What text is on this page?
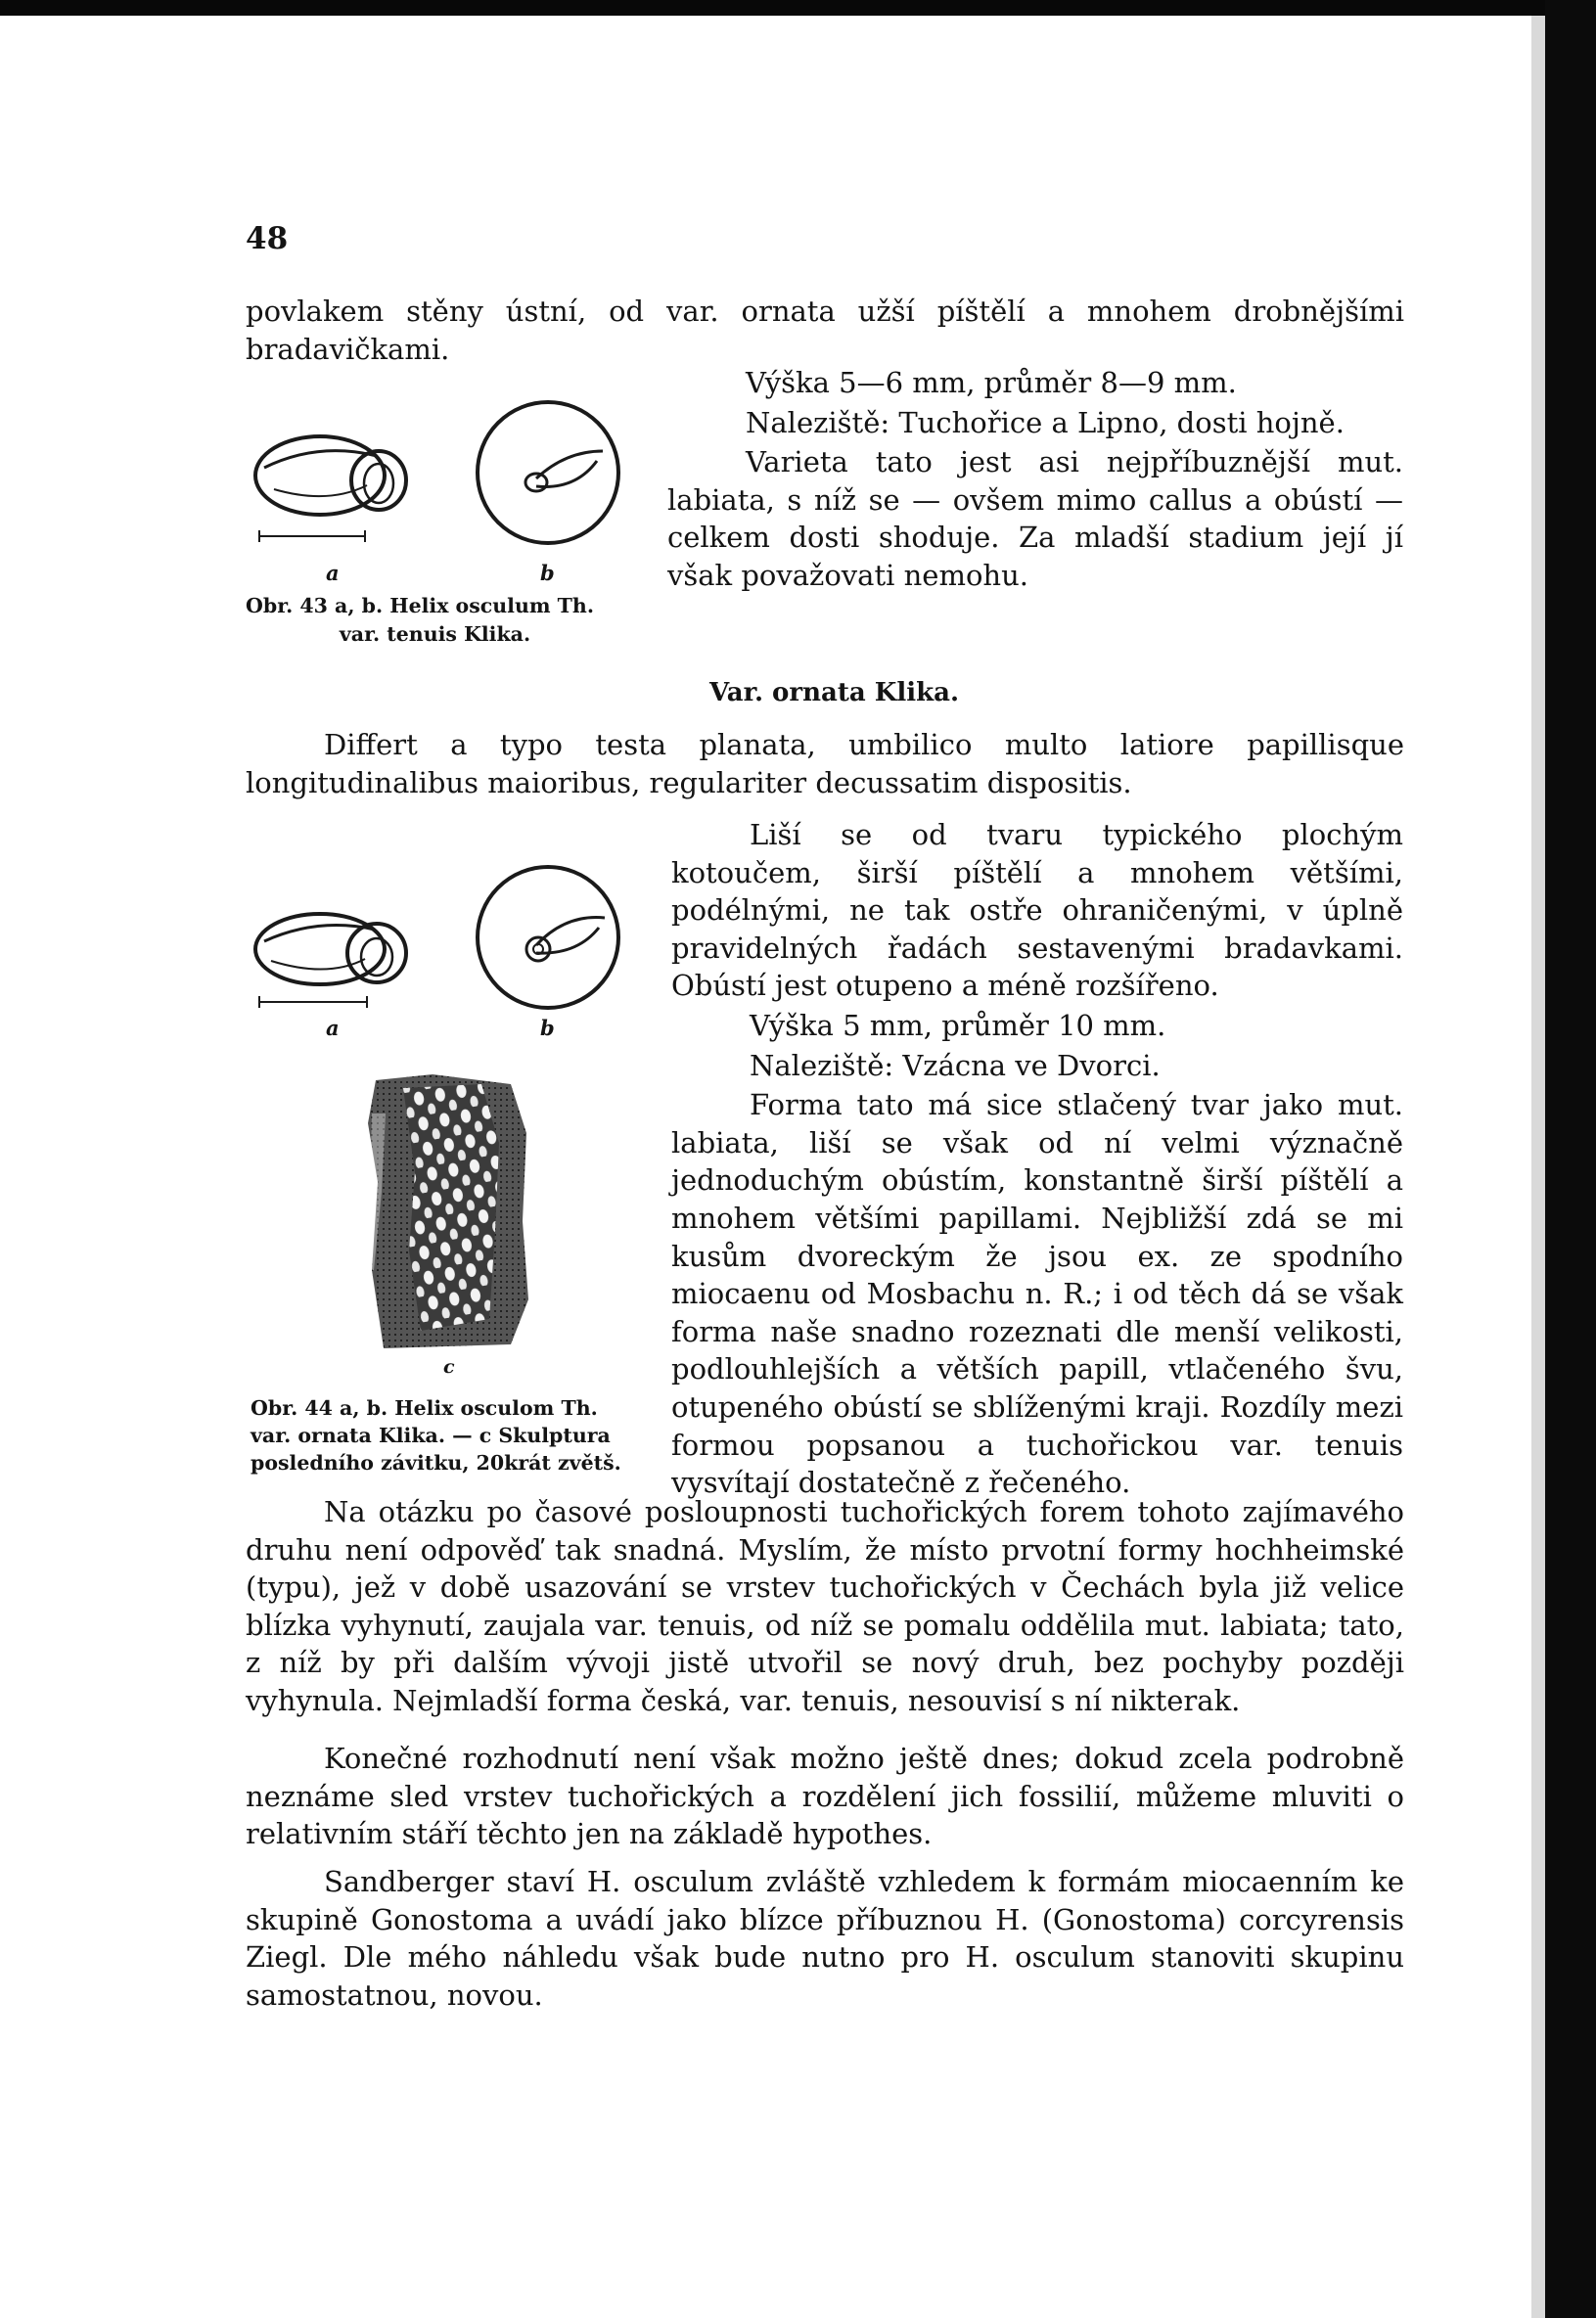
48
povlakem stěny ústní, od var. ornata užší píštělí a mnohem drobnějšími bradavičkami.
a	b
Obr. 43 a, b. Helix osculum Th.
var. tenuis Klika.
Výška 5—6 mm, průměr 8—9 mm.
Naleziště: Tuchořice a Lipno, dosti hojně.
Varieta tato jest asi nejpříbuznější mut. labiata, s níž se — ovšem mimo callus a obústí — celkem dosti shoduje. Za mladší stadium její jí však považovati nemohu.
Var. ornata Klika.
Differt a typo testa planata, umbilico multo latiore papillisque longitudinalibus maioribus, regulariter decussatim dispositis.
a	b
c
Obr. 44 a, b. Helix osculom Th.
var. ornata Klika. — c Skulptura
posledního závitku, 20krát zvětš.
Liší se od tvaru typického plochým kotoučem, širší píštělí a mnohem většími, podélnými, ne tak ostře ohraničenými, v úplně pravidelných řadách sestavenými bradavkami. Obústí jest otupeno a méně rozšířeno.
Výška 5 mm, průměr 10 mm.
Naleziště: Vzácna ve Dvorci.
Forma tato má sice stlačený tvar jako mut. labiata, liší se však od ní velmi význačně jednoduchým obústím, konstantně širší píštělí a mnohem většími papillami. Nejbližší zdá se mi kusům dvoreckým že jsou ex. ze spodního miocaenu od Mosbachu n. R.; i od těch dá se však forma naše snadno rozeznati dle menší velikosti, podlouhlejších a větších papill, vtlačeného švu, otupeného obústí se sblíženými kraji. Rozdíly mezi formou popsanou a tuchořickou var. tenuis vysvítají dostatečně z řečeného.
Na otázku po časové posloupnosti tuchořických forem tohoto zajímavého druhu není odpověď tak snadná. Myslím, že místo prvotní formy hochheimské (typu), jež v době usazování se vrstev tuchořických v Čechách byla již velice blízka vyhynutí, zaujala var. tenuis, od níž se pomalu oddělila mut. labiata; tato, z níž by při dalším vývoji jistě utvořil se nový druh, bez pochyby později vyhynula. Nejmladší forma česká, var. tenuis, nesouvisí s ní nikterak.
Konečné rozhodnutí není však možno ještě dnes; dokud zcela podrobně neznáme sled vrstev tuchořických a rozdělení jich fossilií, můžeme mluviti o relativním stáří těchto jen na základě hypothes.
Sandberger staví H. osculum zvláště vzhledem k formám miocaenním ke skupině Gonostoma a uvádí jako blízce příbuznou H. (Gonostoma) corcyrensis Ziegl. Dle mého náhledu však bude nutno pro H. osculum stanoviti skupinu samostatnou, novou.
